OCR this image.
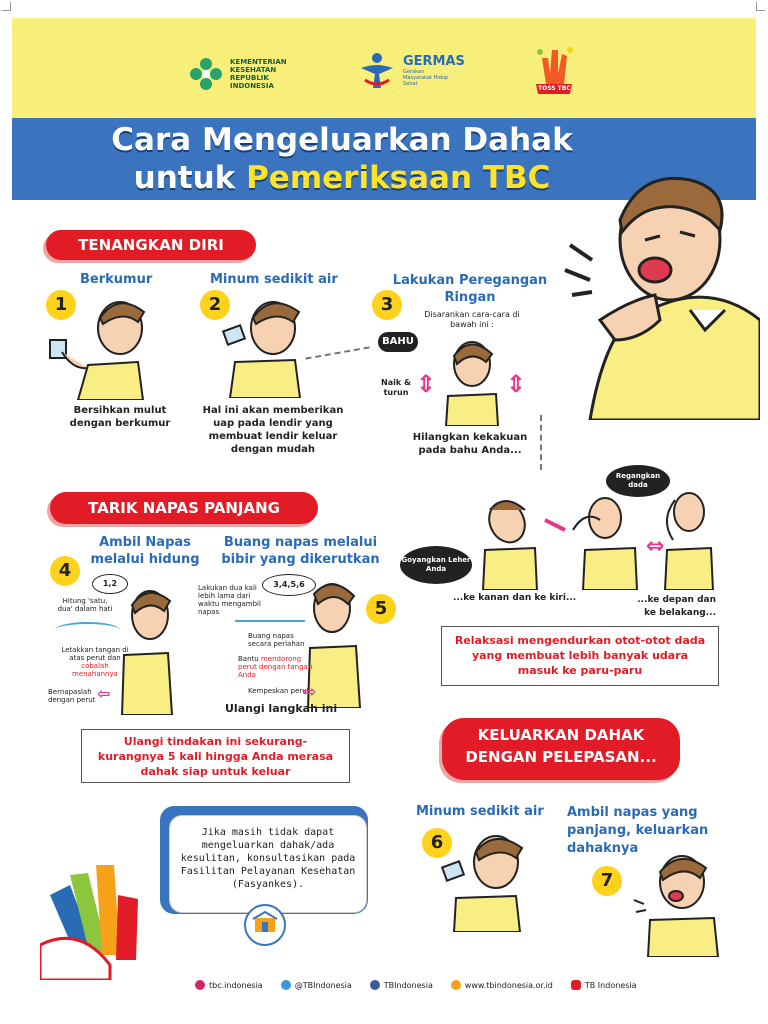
KEMENTERIAN
KESEHATAN
REPUBLIK
INDONESIA
GERMAS
Gerakan Masyarakat Hidup Sehat
TOSS TBC
Cara Mengeluarkan Dahak
untuk Pemeriksaan TBC
TENANGKAN DIRI
Berkumur
1
Bersihkan mulut dengan berkumur
Minum sedikit air
2
Hal ini akan memberikan uap pada lendir yang membuat lendir keluar dengan mudah
Lakukan Peregangan
Ringan
3	Disarankan cara-cara di bawah ini :
BAHU
⇕	⇕
Naik & turun
Hilangkan kekakuan pada bahu Anda...
Goyangkan Leher Anda
Regangkan dada
⇔
...ke kanan dan ke kiri...	...ke depan dan ke belakang...
Relaksasi mengendurkan otot-otot dada yang membuat lebih banyak udara masuk ke paru-paru
TARIK NAPAS PANJANG
Ambil Napas
melalui hidung
4
1,2
Hitung 'satu, dua' dalam hati
Letakkan tangan di atas perut dan
cobalah menahannya
Bernapaslah dengan perut ⇦
Buang napas melalui
bibir yang dikerutkan
5
3,4,5,6
Lakukan dua kali lebih lama dari waktu mengambil napas
Buang napas secara perlahan
Bantu mendorong perut dengan tangan Anda
Kempeskan perut
⇨
Ulangi langkah ini
Ulangi tindakan ini sekurang-kurangnya 5 kali hingga Anda merasa dahak siap untuk keluar
KELUARKAN DAHAK
DENGAN PELEPASAN...
Jika masih tidak dapat mengeluarkan dahak/ada kesulitan, konsultasikan pada Fasilitan Pelayanan Kesehatan (Fasyankes).
Minum sedikit air
6
Ambil napas yang
panjang, keluarkan
dahaknya
7
tbc.indonesia	@TBIndonesia	TBIndonesia	www.tbindonesia.or.id	TB Indonesia
